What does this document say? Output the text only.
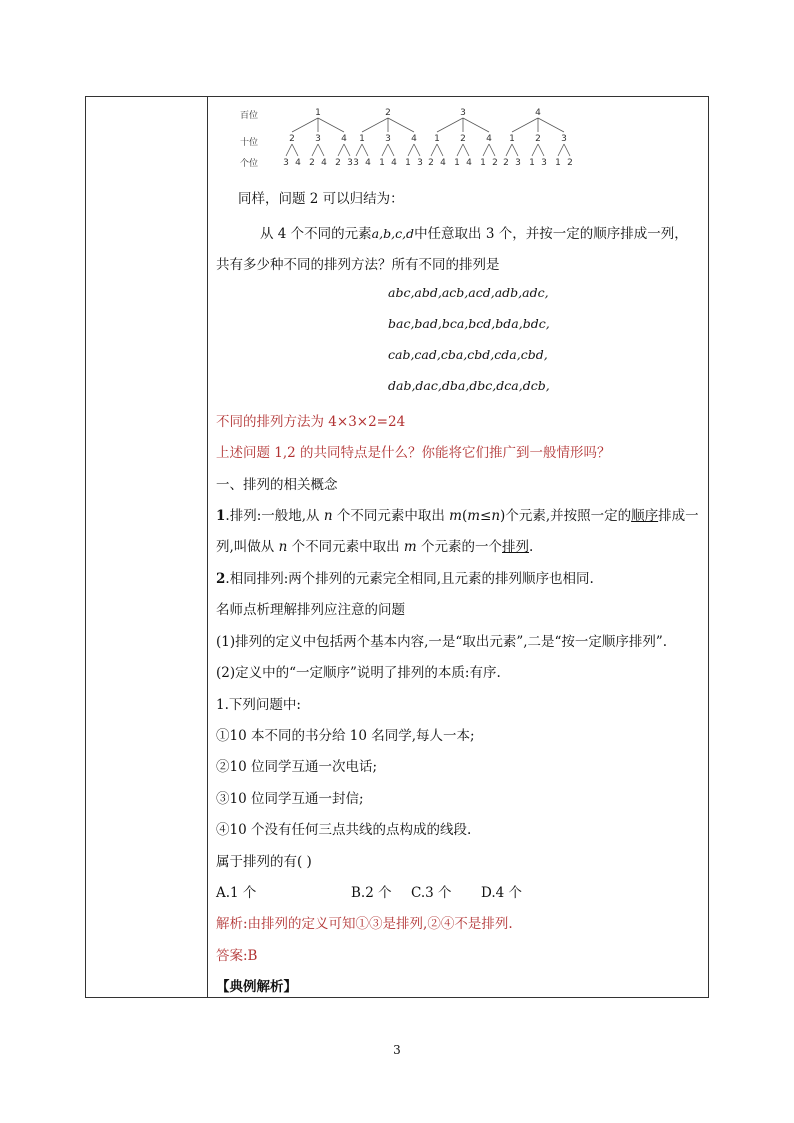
百位
十位
个位
1
2
3 4
3
2 4
4
2 3
2
1
3 4
3
1 4
4
1 3
3
1
2 4
2
1 4
4
1 2
4
1
2 3
2
1 3
3
1 2
同样，问题 2 可以归结为：
从 4 个不同的元素a,b,c,d中任意取出 3 个，并按一定的顺序排成一列，
共有多少种不同的排列方法？所有不同的排列是
abc,abd,acb,acd,adb,adc,
bac,bad,bca,bcd,bda,bdc,
cab,cad,cba,cbd,cda,cbd,
dab,dac,dba,dbc,dca,dcb,
不同的排列方法为 4×3×2=24
上述问题 1,2 的共同特点是什么？你能将它们推广到一般情形吗？
一、排列的相关概念
1.排列:一般地,从 n 个不同元素中取出 m(m≤n)个元素,并按照一定的顺序排成一
列,叫做从 n 个不同元素中取出 m 个元素的一个排列.
2.相同排列:两个排列的元素完全相同,且元素的排列顺序也相同.
名师点析理解排列应注意的问题
(1)排列的定义中包括两个基本内容,一是“取出元素”,二是“按一定顺序排列”.
(2)定义中的“一定顺序”说明了排列的本质:有序.
1.下列问题中:
①10 本不同的书分给 10 名同学,每人一本;
②10 位同学互通一次电话;
③10 位同学互通一封信;
④10 个没有任何三点共线的点构成的线段.
属于排列的有( )
A.1 个	B.2 个 C.3 个 D.4 个
解析:由排列的定义可知①③是排列,②④不是排列.
答案:B
【典例解析】
3
